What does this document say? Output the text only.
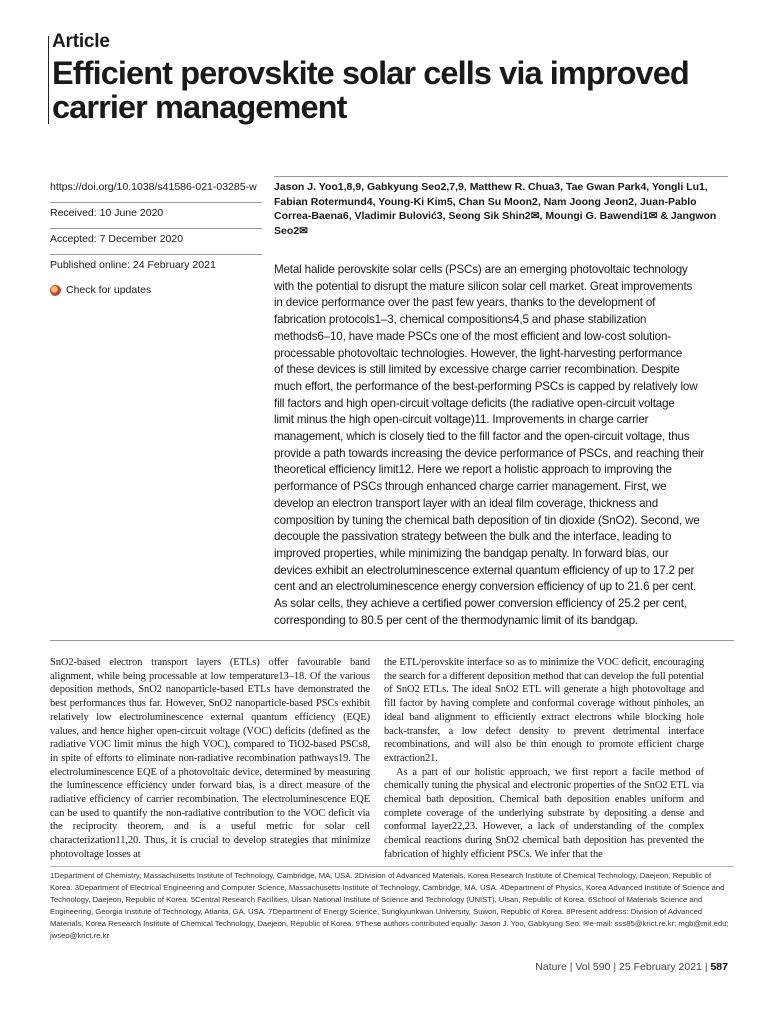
Article
Efficient perovskite solar cells via improved
carrier management
https://doi.org/10.1038/s41586-021-03285-w
Received: 10 June 2020
Accepted: 7 December 2020
Published online: 24 February 2021
Check for updates
Jason J. Yoo1,8,9, Gabkyung Seo2,7,9, Matthew R. Chua3, Tae Gwan Park4, Yongli Lu1, Fabian Rotermund4, Young-Ki Kim5, Chan Su Moon2, Nam Joong Jeon2, Juan-Pablo Correa-Baena6, Vladimir Bulović3, Seong Sik Shin2✉, Moungi G. Bawendi1✉ & Jangwon Seo2✉
Metal halide perovskite solar cells (PSCs) are an emerging photovoltaic technology
with the potential to disrupt the mature silicon solar cell market. Great improvements
in device performance over the past few years, thanks to the development of
fabrication protocols1–3, chemical compositions4,5 and phase stabilization
methods6–10, have made PSCs one of the most efficient and low-cost solution-
processable photovoltaic technologies. However, the light-harvesting performance
of these devices is still limited by excessive charge carrier recombination. Despite
much effort, the performance of the best-performing PSCs is capped by relatively low
fill factors and high open-circuit voltage deficits (the radiative open-circuit voltage
limit minus the high open-circuit voltage)11. Improvements in charge carrier
management, which is closely tied to the fill factor and the open-circuit voltage, thus
provide a path towards increasing the device performance of PSCs, and reaching their
theoretical efficiency limit12. Here we report a holistic approach to improving the
performance of PSCs through enhanced charge carrier management. First, we
develop an electron transport layer with an ideal film coverage, thickness and
composition by tuning the chemical bath deposition of tin dioxide (SnO2). Second, we
decouple the passivation strategy between the bulk and the interface, leading to
improved properties, while minimizing the bandgap penalty. In forward bias, our
devices exhibit an electroluminescence external quantum efficiency of up to 17.2 per
cent and an electroluminescence energy conversion efficiency of up to 21.6 per cent.
As solar cells, they achieve a certified power conversion efficiency of 25.2 per cent,
corresponding to 80.5 per cent of the thermodynamic limit of its bandgap.

SnO2-based electron transport layers (ETLs) offer favourable band alignment, while being processable at low temperature13–18. Of the various deposition methods, SnO2 nanoparticle-based ETLs have demonstrated the best performances thus far. However, SnO2 nanoparticle-based PSCs exhibit relatively low electroluminescence external quantum efficiency (EQE) values, and hence higher open-circuit voltage (VOC) deficits (defined as the radiative VOC limit minus the high VOC), compared to TiO2-based PSCs8, in spite of efforts to eliminate non-radiative recombination pathways19. The electroluminescence EQE of a photovoltaic device, determined by measuring the luminescence efficiency under forward bias, is a direct measure of the radiative efficiency of carrier recombination. The electroluminescence EQE can be used to quantify the non-radiative contribution to the VOC deficit via the reciprocity theorem, and is a useful metric for solar cell characterization11,20. Thus, it is crucial to develop strategies that minimize photovoltage losses at

the ETL/perovskite interface so as to minimize the VOC deficit, encouraging the search for a different deposition method that can develop the full potential of SnO2 ETLs. The ideal SnO2 ETL will generate a high photovoltage and fill factor by having complete and conformal coverage without pinholes, an ideal band alignment to efficiently extract electrons while blocking hole back-transfer, a low defect density to prevent detrimental interface recombinations, and will also be thin enough to promote efficient charge extraction21.

As a part of our holistic approach, we first report a facile method of chemically tuning the physical and electronic properties of the SnO2 ETL via chemical bath deposition. Chemical bath deposition enables uniform and complete coverage of the underlying substrate by depositing a dense and conformal layer22,23. However, a lack of understanding of the complex chemical reactions during SnO2 chemical bath deposition has prevented the fabrication of highly efficient PSCs. We infer that the

1Department of Chemistry, Massachusetts Institute of Technology, Cambridge, MA, USA. 2Division of Advanced Materials, Korea Research Institute of Chemical Technology, Daejeon, Republic of Korea. 3Department of Electrical Engineering and Computer Science, Massachusetts Institute of Technology, Cambridge, MA, USA. 4Department of Physics, Korea Advanced Institute of Science and Technology, Daejeon, Republic of Korea. 5Central Research Facilities, Ulsan National Institute of Science and Technology (UNIST), Ulsan, Republic of Korea. 6School of Materials Science and Engineering, Georgia Institute of Technology, Atlanta, GA, USA. 7Department of Energy Science, Sungkyunkwan University, Suwon, Republic of Korea. 8Present address: Division of Advanced Materials, Korea Research Institute of Chemical Technology, Daejeon, Republic of Korea. 9These authors contributed equally: Jason J. Yoo, Gabkyung Seo. ✉e-mail: sss85@krict.re.kr; mgb@mit.edu; jwseo@krict.re.kr
Nature | Vol 590 | 25 February 2021 | 587
